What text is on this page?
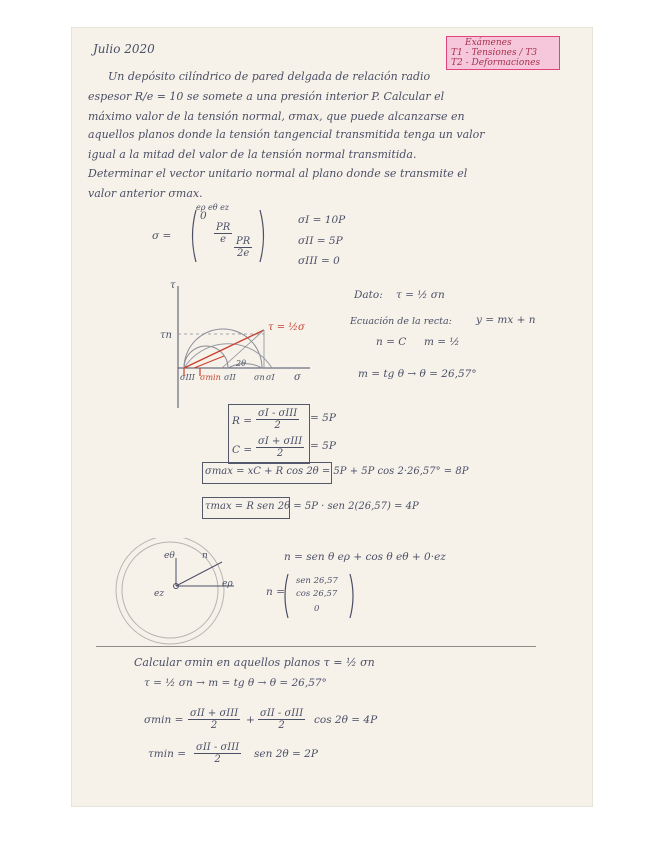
Julio 2020	Exámenes
T1 - Tensiones / T3
T2 - Deformaciones
Un depósito cilíndrico de pared delgada de relación radio
espesor R/e = 10 se somete a una presión interior P. Calcular el
máximo valor de la tensión normal, σmax, que puede alcanzarse en
aquellos planos donde la tensión tangencial transmitida tenga un valor
igual a la mitad del valor de la tensión normal transmitida.
Determinar el vector unitario normal al plano donde se transmite el
valor anterior σmax.
eρ eθ ez
σ =
0
$\frac{PR}{e}$
$\frac{PR}{2e}$
σI = 10P
σII = 5P
σIII = 0
Dato: τ = ½ σn
Ecuación de la recta: y = mx + n
n = C m = ½
m = tg θ → θ = 26,57°
τ
σ
τn
τ = ½σ
2θ
σIII σmin σII σn σI
R =
σI - σIII
2
= 5P
C =
σI + σIII
2
= 5P
σmax = xC + R cos 2θ = 5P + 5P cos 2·26,57° = 8P
τmax = R sen 2θ = 5P · sen 2(26,57) = 4P
eθ	n
eρ
ez
n = sen θ eρ + cos θ eθ + 0·ez
n =
sen 26,57
cos 26,57
0
Calcular σmin en aquellos planos τ = ½ σn
τ = ½ σn → m = tg θ → θ = 26,57°
σmin =
σII + σIII
2	+
σII - σIII
2	cos 2θ = 4P
τmin =
σII - σIII
2	sen 2θ = 2P
